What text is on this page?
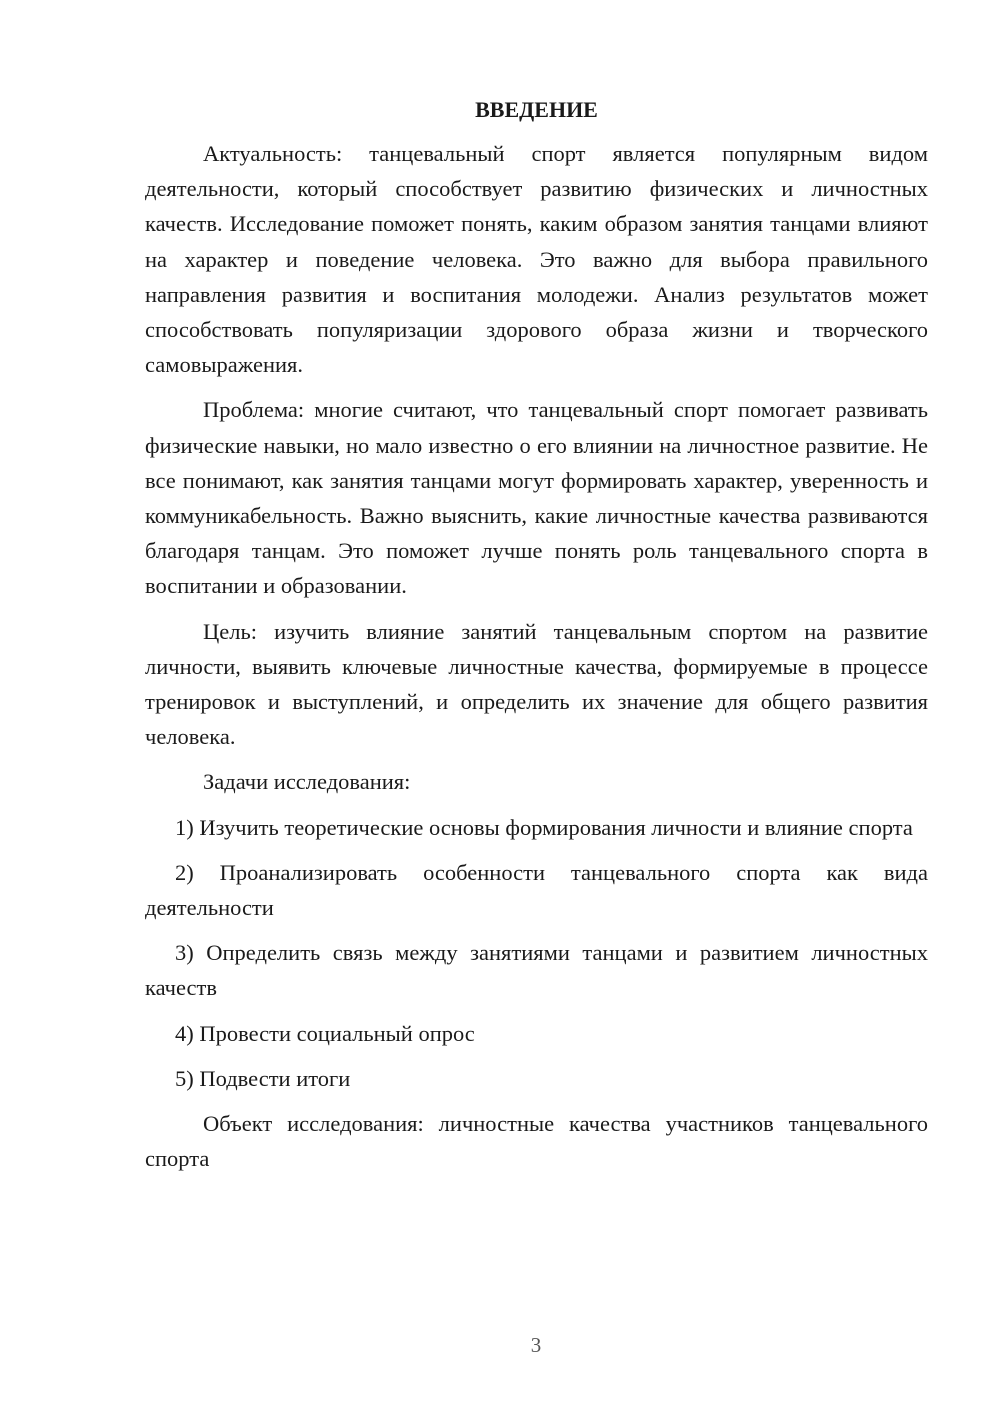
ВВЕДЕНИЕ

Актуальность: танцевальный спорт является популярным видом деятельности, который способствует развитию физических и личностных качеств. Исследование поможет понять, каким образом занятия танцами влияют на характер и поведение человека. Это важно для выбора правильного направления развития и воспитания молодежи. Анализ результатов может способствовать популяризации здорового образа жизни и творческого самовыражения.

Проблема: многие считают, что танцевальный спорт помогает развивать физические навыки, но мало известно о его влиянии на личностное развитие. Не все понимают, как занятия танцами могут формировать характер, уверенность и коммуникабельность. Важно выяснить, какие личностные качества развиваются благодаря танцам. Это поможет лучше понять роль танцевального спорта в воспитании и образовании.

Цель: изучить влияние занятий танцевальным спортом на развитие личности, выявить ключевые личностные качества, формируемые в процессе тренировок и выступлений, и определить их значение для общего развития человека.

Задачи исследования:

1) Изучить теоретические основы формирования личности и влияние спорта

2) Проанализировать особенности танцевального спорта как вида деятельности

3) Определить связь между занятиями танцами и развитием личностных качеств

4) Провести социальный опрос

5) Подвести итоги

Объект исследования: личностные качества участников танцевального спорта

3
